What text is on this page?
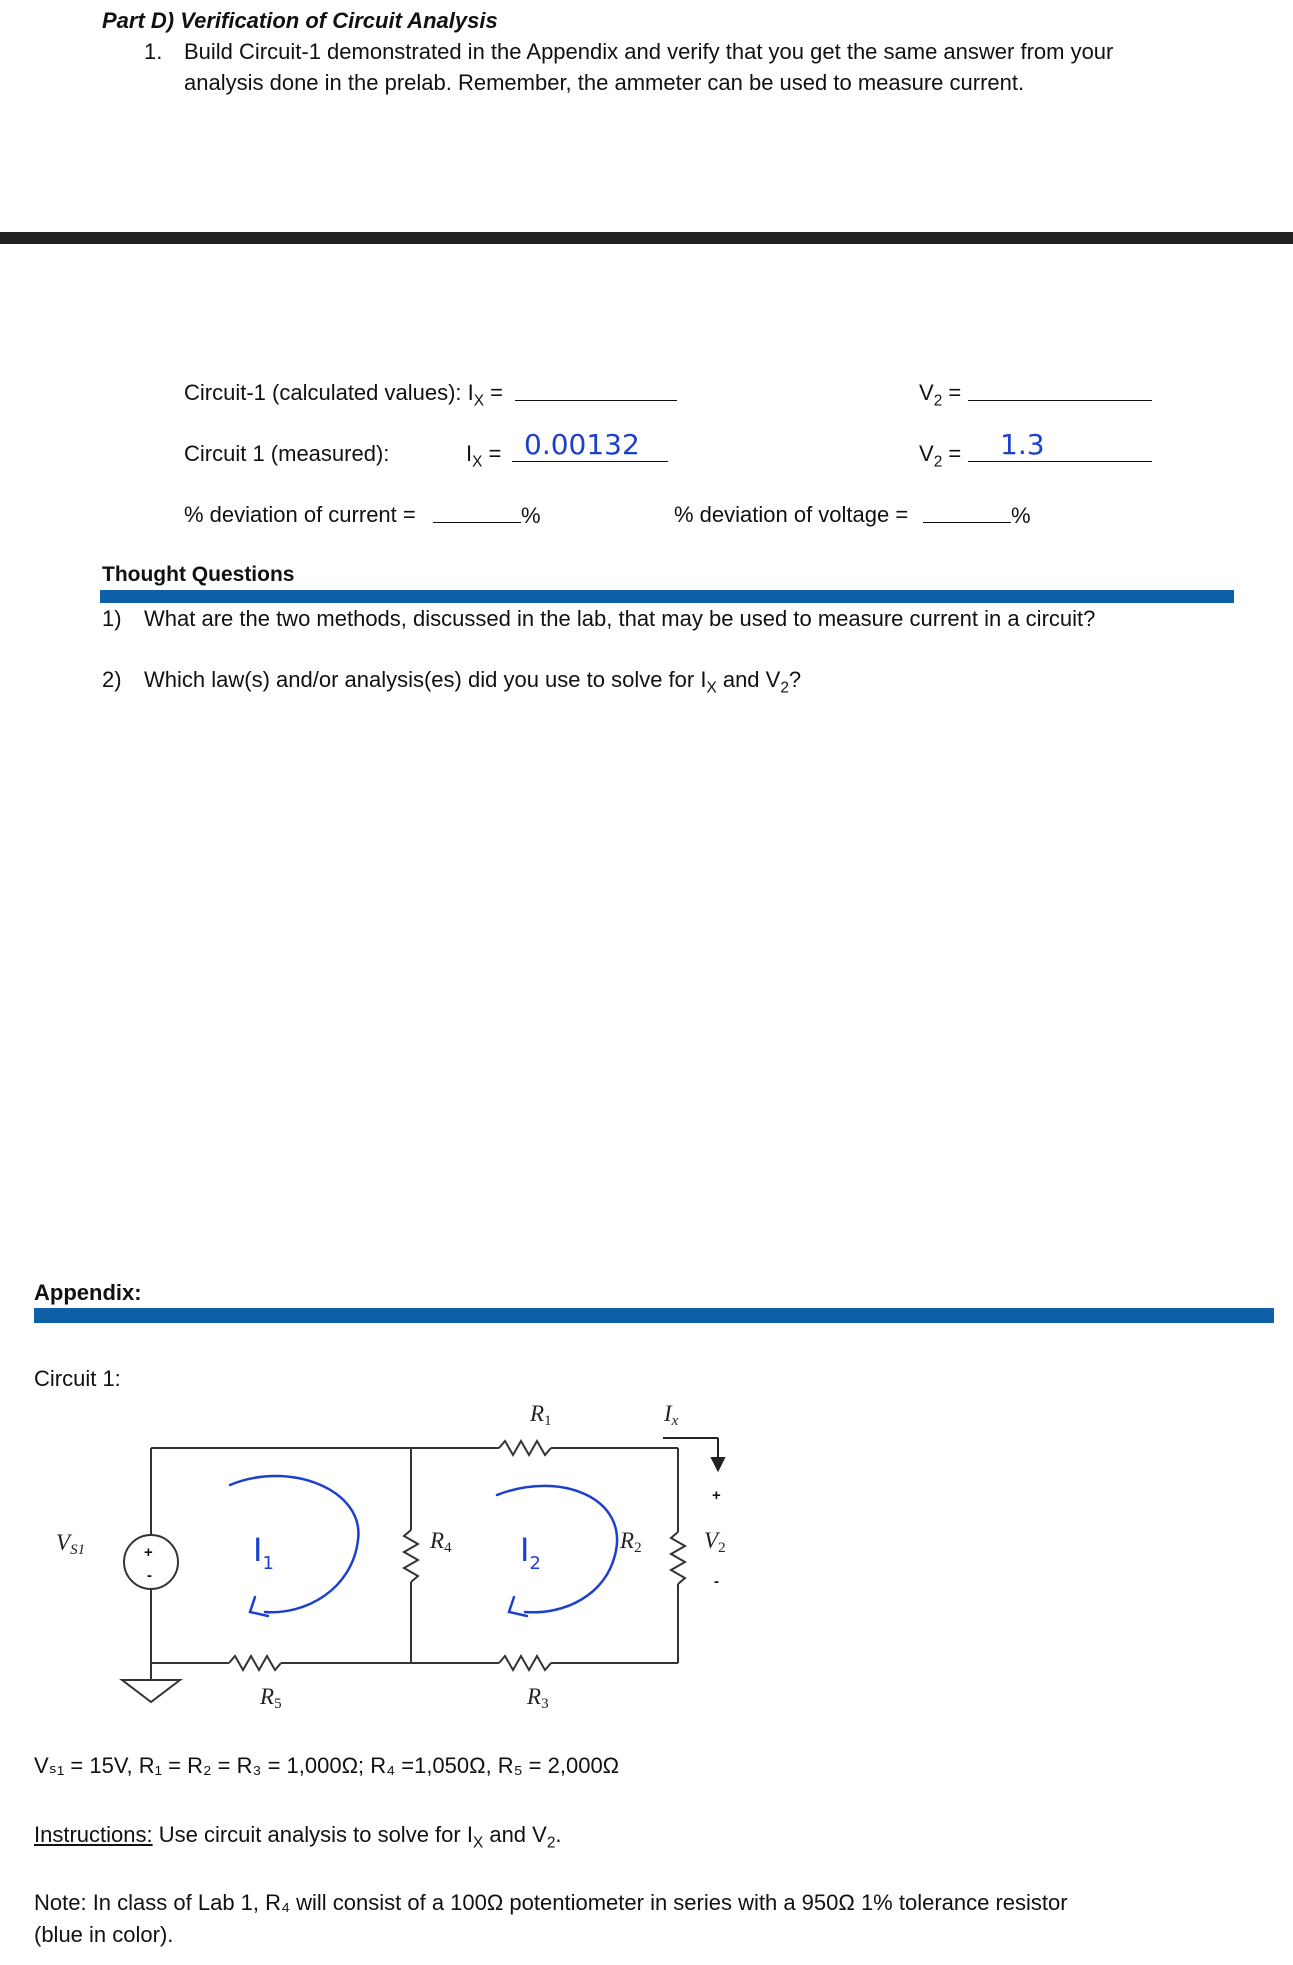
Part D) Verification of Circuit Analysis
1. Build Circuit-1 demonstrated in the Appendix and verify that you get the same answer from your
analysis done in the prelab. Remember, the ammeter can be used to measure current.
Circuit-1 (calculated values): $I_X$ =	$V_2$ =
Circuit 1 (measured):	$I_X = 0.00132$	$V_2 = 1.3$
% deviation of current =	%	% deviation of voltage =	%
Thought Questions
1) What are the two methods, discussed in the lab, that may be used to measure current in a circuit?
2) Which law(s) and/or analysis(es) did you use to solve for $I_X$ and $V_2$?
Appendix:
Circuit 1:
+
-
+
-
VS1
R1	Ix
R4	R2	V2
R5	R3
$I_1$	$I_2$
Vₛ₁ = 15V, R₁ = R₂ = R₃ = 1,000Ω; R₄ =1,050Ω, R₅ = 2,000Ω
Instructions: Use circuit analysis to solve for $I_X$ and $V_2$.
Note: In class of Lab 1, R₄ will consist of a 100Ω potentiometer in series with a 950Ω 1% tolerance resistor
(blue in color).
